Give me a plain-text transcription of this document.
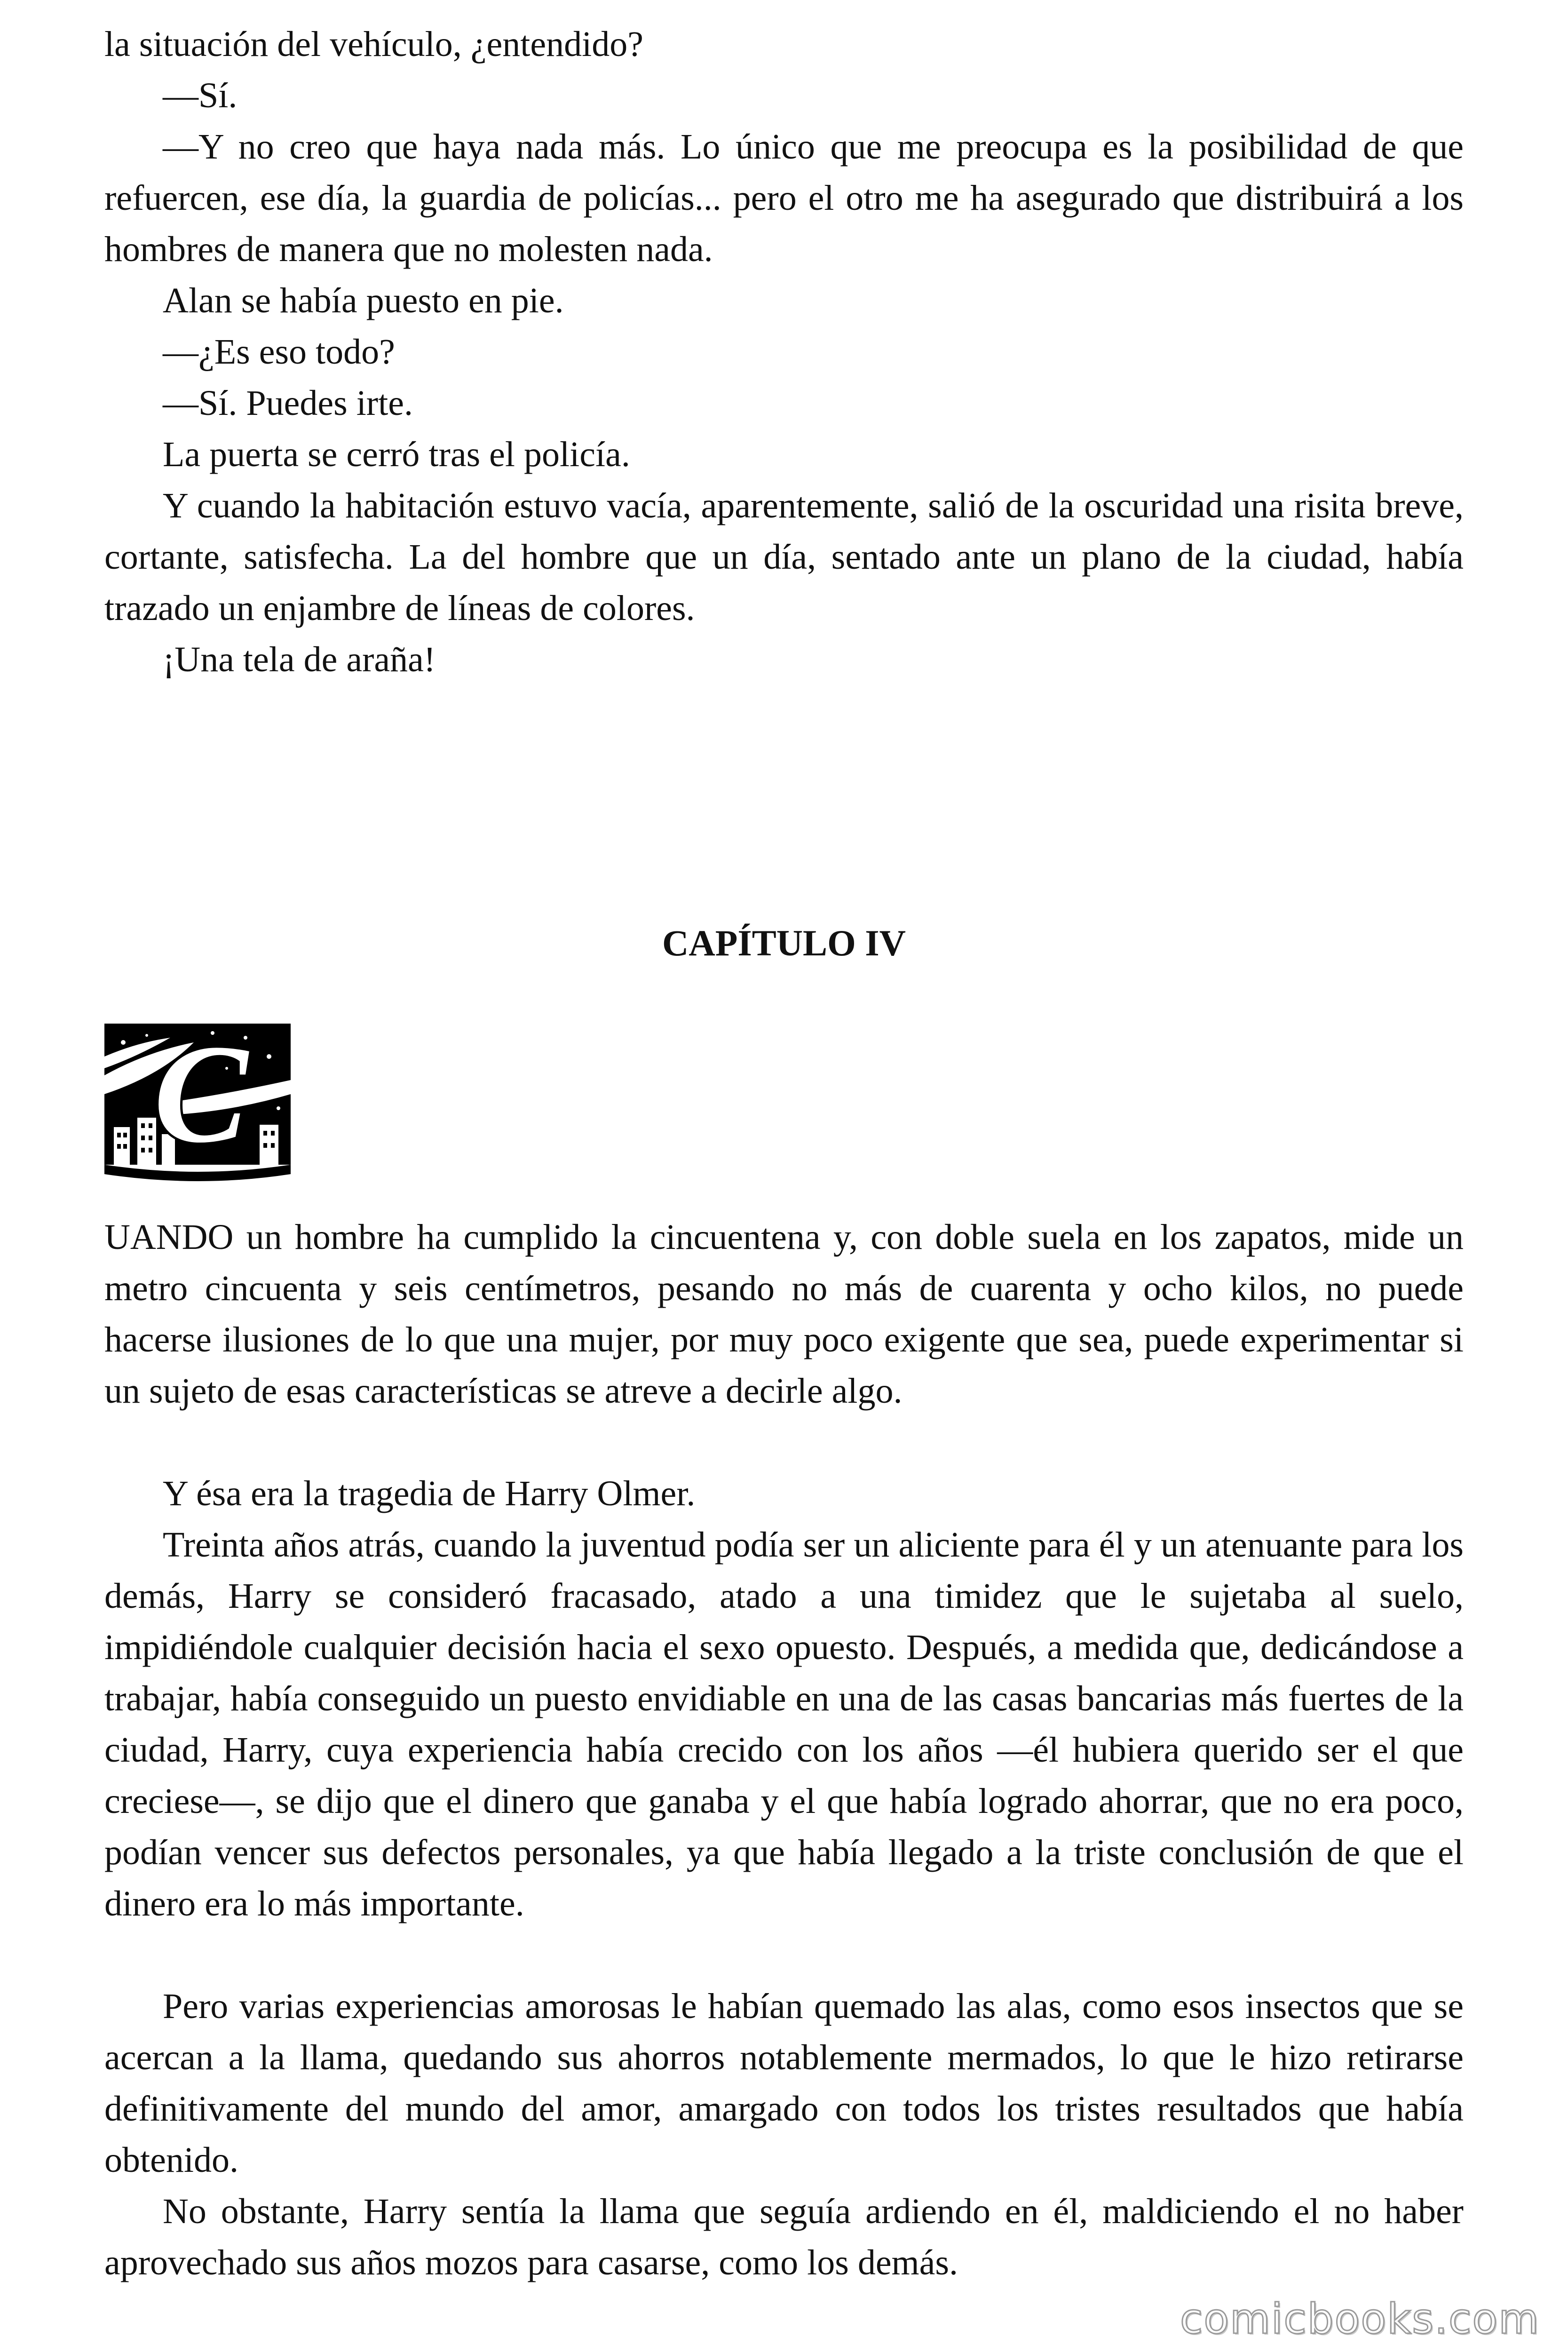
la situación del vehículo, ¿entendido?

—Sí.

—Y no creo que haya nada más. Lo único que me preocupa es la posibilidad de que refuercen, ese día, la guardia de policías... pero el otro me ha asegurado que distribuirá a los hombres de manera que no molesten nada.

Alan se había puesto en pie.

—¿Es eso todo?

—Sí. Puedes irte.

La puerta se cerró tras el policía.

Y cuando la habitación estuvo vacía, aparentemente, salió de la oscuridad una risita breve, cortante, satisfecha. La del hombre que un día, sentado ante un plano de la ciudad, había trazado un enjambre de líneas de colores.

¡Una tela de araña!

CAPÍTULO IV
C

UANDO un hombre ha cumplido la cincuentena y, con doble suela en los zapatos, mide un metro cincuenta y seis centímetros, pesando no más de cuarenta y ocho kilos, no puede hacerse ilusiones de lo que una mujer, por muy poco exigente que sea, puede experimentar si un sujeto de esas características se atreve a decirle algo.

Y ésa era la tragedia de Harry Olmer.

Treinta años atrás, cuando la juventud podía ser un aliciente para él y un atenuante para los demás, Harry se consideró fracasado, atado a una timidez que le sujetaba al suelo, impidiéndole cualquier decisión hacia el sexo opuesto. Después, a medida que, dedicándose a trabajar, había conseguido un puesto envidiable en una de las casas bancarias más fuertes de la ciudad, Harry, cuya experiencia había crecido con los años —él hubiera querido ser el que creciese—, se dijo que el dinero que ganaba y el que había logrado ahorrar, que no era poco, podían vencer sus defectos personales, ya que había llegado a la triste conclusión de que el dinero era lo más importante.

Pero varias experiencias amorosas le habían quemado las alas, como esos insectos que se acercan a la llama, quedando sus ahorros notablemente mermados, lo que le hizo retirarse definitivamente del mundo del amor, amargado con todos los tristes resultados que había obtenido.

No obstante, Harry sentía la llama que seguía ardiendo en él, maldiciendo el no haber aprovechado sus años mozos para casarse, como los demás.

comicbooks.com
